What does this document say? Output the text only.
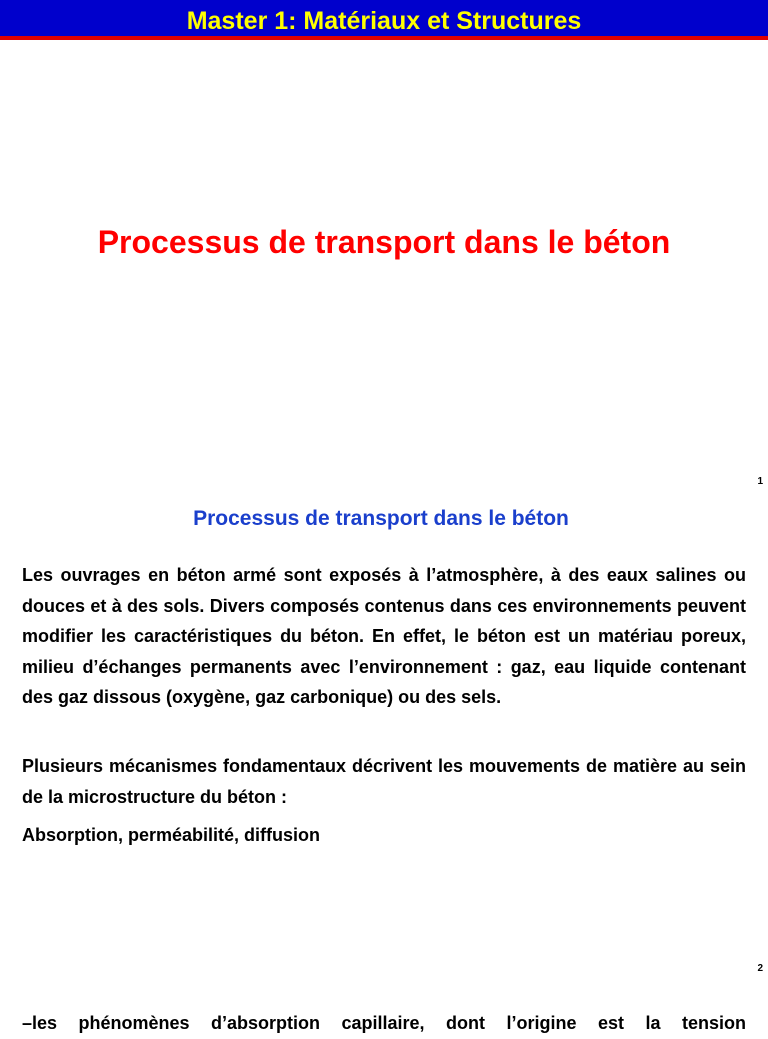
Master 1: Matériaux et Structures
Processus de transport dans le béton
1
Processus de transport dans le béton

Les ouvrages en béton armé sont exposés à l’atmosphère, à des eaux salines ou douces et à des sols. Divers composés contenus dans ces environnements peuvent modifier les caractéristiques du béton. En effet, le béton est un matériau poreux, milieu d’échanges permanents avec l’environnement : gaz, eau liquide contenant des gaz dissous (oxygène, gaz carbonique) ou des sels.

Plusieurs mécanismes fondamentaux décrivent les mouvements de matière au sein de la microstructure du béton :

Absorption, perméabilité, diffusion

2

–les phénomènes d’absorption capillaire, dont l’origine est la tension
